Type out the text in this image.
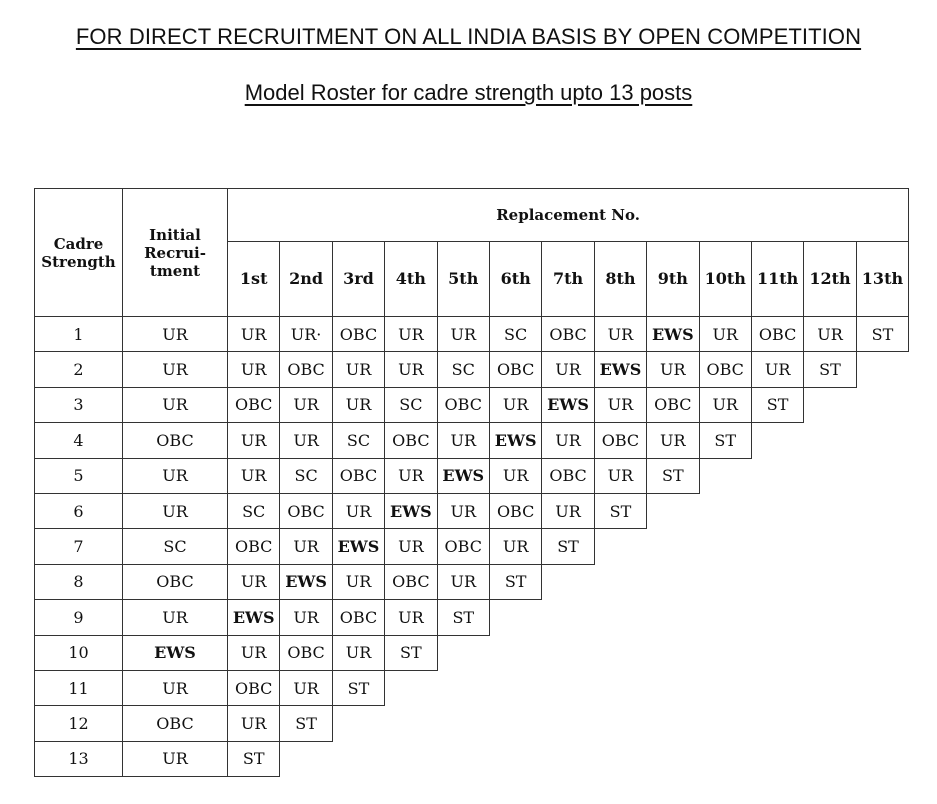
FOR DIRECT RECRUITMENT ON ALL INDIA BASIS BY OPEN COMPETITION
Model Roster for cadre strength upto 13 posts
Cadre Strength	Initial Recrui- tment	Replacement No.												
		1st	2nd	3rd	4th	5th	6th	7th	8th	9th	10th	11th	12th	13th
1	UR	UR	UR·	OBC	UR	UR	SC	OBC	UR	EWS	UR	OBC	UR	ST
2	UR	UR	OBC	UR	UR	SC	OBC	UR	EWS	UR	OBC	UR	ST	
3	UR	OBC	UR	UR	SC	OBC	UR	EWS	UR	OBC	UR	ST		
4	OBC	UR	UR	SC	OBC	UR	EWS	UR	OBC	UR	ST			
5	UR	UR	SC	OBC	UR	EWS	UR	OBC	UR	ST				
6	UR	SC	OBC	UR	EWS	UR	OBC	UR	ST					
7	SC	OBC	UR	EWS	UR	OBC	UR	ST						
8	OBC	UR	EWS	UR	OBC	UR	ST							
9	UR	EWS	UR	OBC	UR	ST								
10	EWS	UR	OBC	UR	ST									
11	UR	OBC	UR	ST										
12	OBC	UR	ST											
13	UR	ST												
